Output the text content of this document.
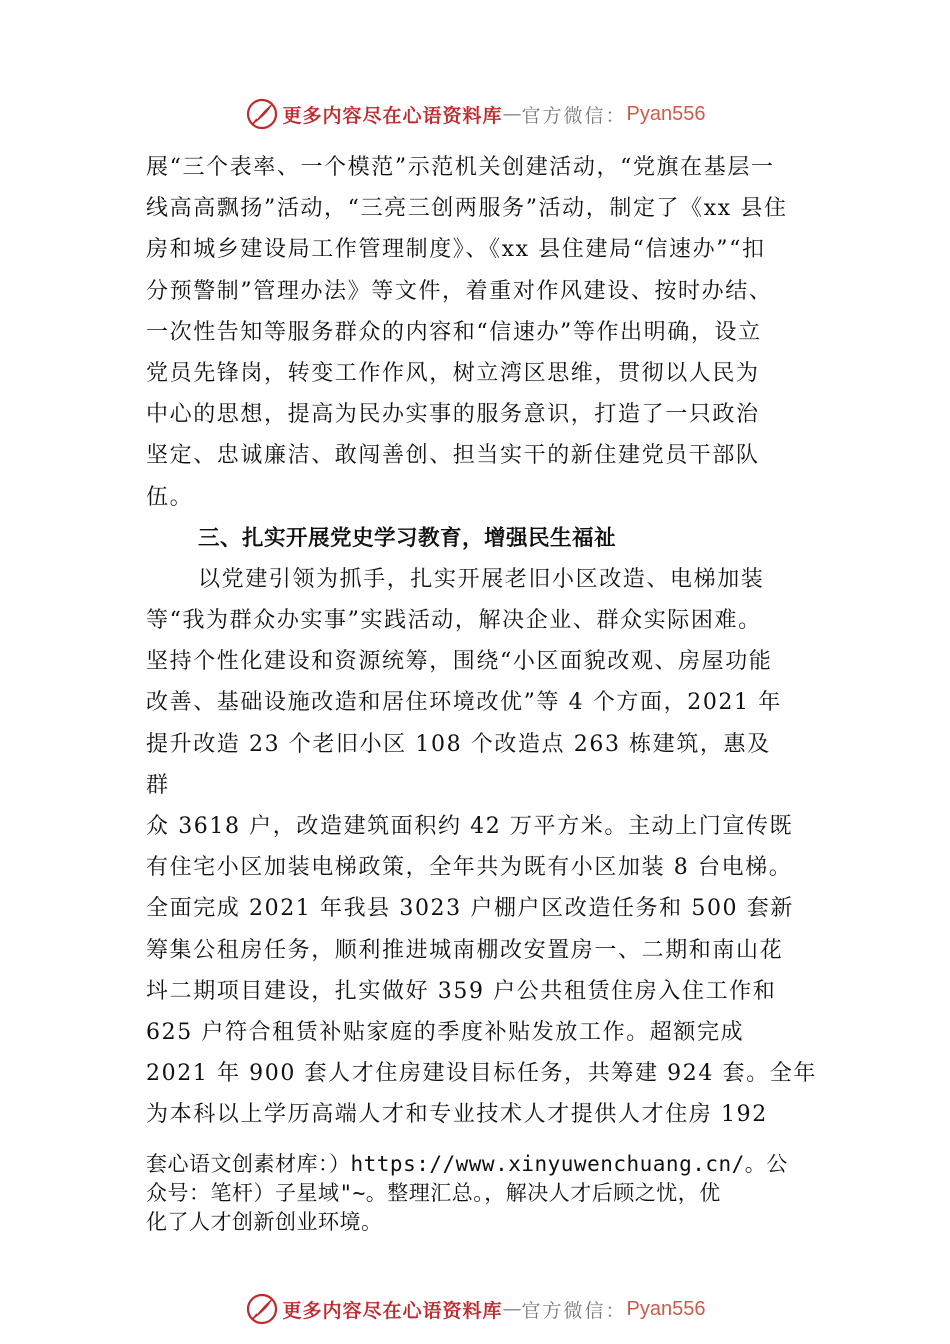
更多内容尽在心语资料库 — 官方微信： Pyan556
展“三个表率、一个模范”示范机关创建活动，“党旗在基层一
线高高飘扬”活动，“三亮三创两服务”活动，制定了《xx 县住
房和城乡建设局工作管理制度》、《xx 县住建局“信速办”“扣
分预警制”管理办法》等文件，着重对作风建设、按时办结、
一次性告知等服务群众的内容和“信速办”等作出明确，设立
党员先锋岗，转变工作作风，树立湾区思维，贯彻以人民为
中心的思想，提高为民办实事的服务意识，打造了一只政治
坚定、忠诚廉洁、敢闯善创、担当实干的新住建党员干部队
伍。
三、扎实开展党史学习教育，增强民生福祉
以党建引领为抓手，扎实开展老旧小区改造、电梯加装
等“我为群众办实事”实践活动，解决企业、群众实际困难。
坚持个性化建设和资源统筹，围绕“小区面貌改观、房屋功能
改善、基础设施改造和居住环境改优”等 4 个方面，2021 年
提升改造 23 个老旧小区 108 个改造点 263 栋建筑，惠及
群
众 3618 户，改造建筑面积约 42 万平方米。主动上门宣传既
有住宅小区加装电梯政策，全年共为既有小区加装 8 台电梯。
全面完成 2021 年我县 3023 户棚户区改造任务和 500 套新
筹集公租房任务，顺利推进城南棚改安置房一、二期和南山花
㘰二期项目建设，扎实做好 359 户公共租赁住房入住工作和
625 户符合租赁补贴家庭的季度补贴发放工作。超额完成
2021 年 900 套人才住房建设目标任务，共筹建 924 套。全年
为本科以上学历高端人才和专业技术人才提供人才住房 192
套心语文创素材库：）https://www.xinyuwenchuang.cn/。公
众号：笔杆）子星域"~。整理汇总。，解决人才后顾之忧，优
化了人才创新创业环境。
更多内容尽在心语资料库 — 官方微信： Pyan556
